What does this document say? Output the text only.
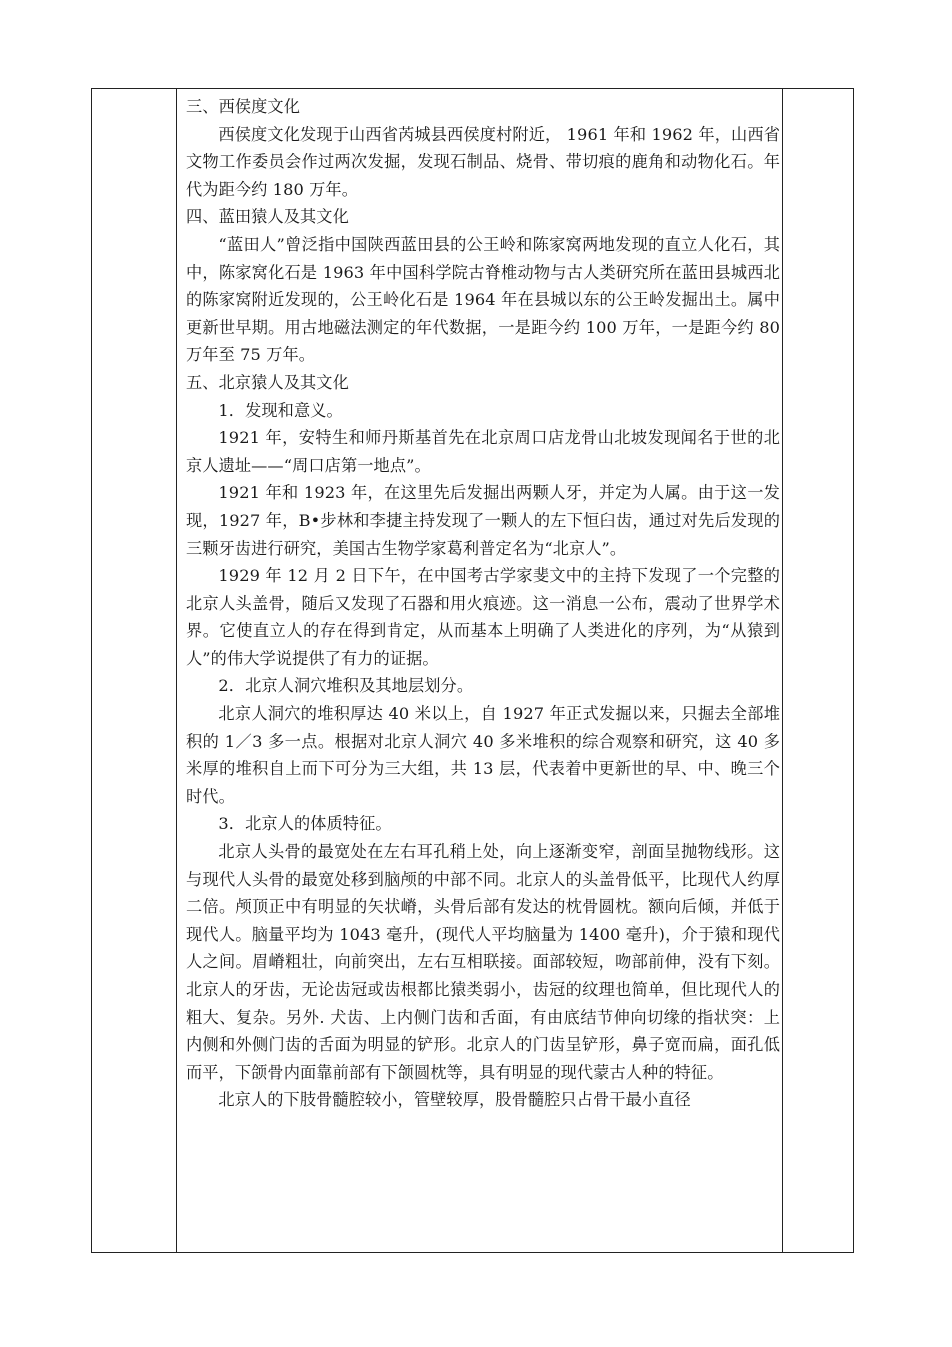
三、西侯度文化

西侯度文化发现于山西省芮城县西侯度村附近， 1961 年和 1962 年，山西省文物工作委员会作过两次发掘，发现石制品、烧骨、带切痕的鹿角和动物化石。年代为距今约 180 万年。

四、蓝田猿人及其文化

“蓝田人”曾泛指中国陕西蓝田县的公王岭和陈家窝两地发现的直立人化石，其中，陈家窝化石是 1963 年中国科学院古脊椎动物与古人类研究所在蓝田县城西北的陈家窝附近发现的，公王岭化石是 1964 年在县城以东的公王岭发掘出土。属中更新世早期。用古地磁法测定的年代数据，一是距今约 100 万年，一是距今约 80 万年至 75 万年。

五、北京猿人及其文化

1．发现和意义。

1921 年，安特生和师丹斯基首先在北京周口店龙骨山北坡发现闻名于世的北京人遗址——“周口店第一地点”。

1921 年和 1923 年，在这里先后发掘出两颗人牙，并定为人属。由于这一发现，1927 年，B•步林和李捷主持发现了一颗人的左下恒臼齿，通过对先后发现的三颗牙齿进行研究，美国古生物学家葛利普定名为“北京人”。

1929 年 12 月 2 日下午，在中国考古学家斐文中的主持下发现了一个完整的北京人头盖骨，随后又发现了石器和用火痕迹。这一消息一公布，震动了世界学术界。它使直立人的存在得到肯定，从而基本上明确了人类进化的序列，为“从猿到人”的伟大学说提供了有力的证据。

2．北京人洞穴堆积及其地层划分。

北京人洞穴的堆积厚达 40 米以上，自 1927 年正式发掘以来，只掘去全部堆积的 1／3 多一点。根据对北京人洞穴 40 多米堆积的综合观察和研究，这 40 多米厚的堆积自上而下可分为三大组，共 13 层，代表着中更新世的早、中、晚三个时代。

3．北京人的体质特征。

北京人头骨的最宽处在左右耳孔稍上处，向上逐渐变窄，剖面呈抛物线形。这与现代人头骨的最宽处移到脑颅的中部不同。北京人的头盖骨低平，比现代人约厚二倍。颅顶正中有明显的矢状嵴，头骨后部有发达的枕骨圆枕。额向后倾，并低于现代人。脑量平均为 1043 毫升，(现代人平均脑量为 1400 毫升)，介于猿和现代人之间。眉嵴粗壮，向前突出，左右互相联接。面部较短，吻部前伸，没有下刻。北京人的牙齿，无论齿冠或齿根都比猿类弱小，齿冠的纹理也简单，但比现代人的粗大、复杂。另外. 犬齿、上内侧门齿和舌面，有由底结节伸向切缘的指状突：上内侧和外侧门齿的舌面为明显的铲形。北京人的门齿呈铲形，鼻子宽而扁，面孔低而平，下颌骨内面靠前部有下颌圆枕等，具有明显的现代蒙古人种的特征。

北京人的下肢骨髓腔较小，管壁较厚，股骨髓腔只占骨干最小直径
